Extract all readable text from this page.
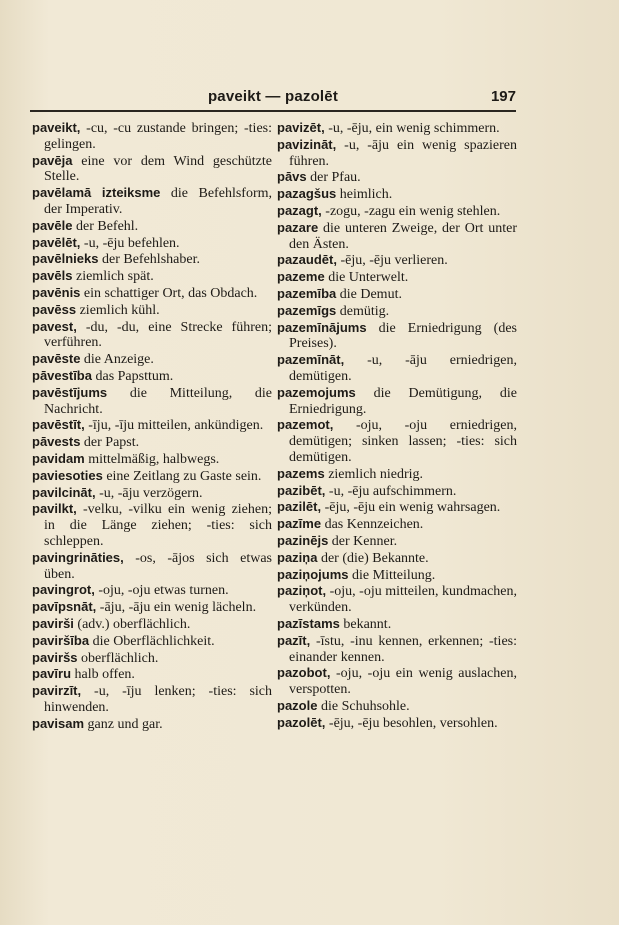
paveikt — pazolēt	197

paveikt, -cu, -cu zustande bringen; -ties: gelingen.

pavēja eine vor dem Wind geschützte Stelle.

pavēlamā izteiksme die Befehlsform, der Imperativ.

pavēle der Befehl.

pavēlēt, -u, -ēju befehlen.

pavēlnieks der Befehlshaber.

pavēls ziemlich spät.

pavēnis ein schattiger Ort, das Obdach.

pavēss ziemlich kühl.

pavest, -du, -du, eine Strecke führen; verführen.

pavēste die Anzeige.

pāvestība das Papsttum.

pavēstījums die Mitteilung, die Nachricht.

pavēstīt, -īju, -īju mitteilen, ankündigen.

pāvests der Papst.

pavidam mittelmäßig, halbwegs.

paviesoties eine Zeitlang zu Gaste sein.

pavilcināt, -u, -āju verzögern.

pavilkt, -velku, -vilku ein wenig ziehen; in die Länge ziehen; -ties: sich schleppen.

pavingrināties, -os, -ājos sich etwas üben.

pavingrot, -oju, -oju etwas turnen.

pavīpsnāt, -āju, -āju ein wenig lächeln.

pavirši (adv.) oberflächlich.

paviršība die Oberflächlichkeit.

paviršs oberflächlich.

pavīru halb offen.

pavirzīt, -u, -īju lenken; -ties: sich hinwenden.

pavisam ganz und gar.

pavizēt, -u, -ēju, ein wenig schimmern.

pavizināt, -u, -āju ein wenig spazieren führen.

pāvs der Pfau.

pazagšus heimlich.

pazagt, -zogu, -zagu ein wenig stehlen.

pazare die unteren Zweige, der Ort unter den Ästen.

pazaudēt, -ēju, -ēju verlieren.

pazeme die Unterwelt.

pazemība die Demut.

pazemīgs demütig.

pazemīnājums die Erniedrigung (des Preises).

pazemīnāt, -u, -āju erniedrigen, demütigen.

pazemojums die Demütigung, die Erniedrigung.

pazemot, -oju, -oju erniedrigen, demütigen; sinken lassen; -ties: sich demütigen.

pazems ziemlich niedrig.

pazibēt, -u, -ēju aufschimmern.

pazilēt, -ēju, -ēju ein wenig wahrsagen.

pazīme das Kennzeichen.

pazinējs der Kenner.

paziņa der (die) Bekannte.

paziņojums die Mitteilung.

paziņot, -oju, -oju mitteilen, kundmachen, verkünden.

pazīstams bekannt.

pazīt, -īstu, -inu kennen, erkennen; -ties: einander kennen.

pazobot, -oju, -oju ein wenig auslachen, verspotten.

pazole die Schuhsohle.

pazolēt, -ēju, -ēju besohlen, versohlen.
